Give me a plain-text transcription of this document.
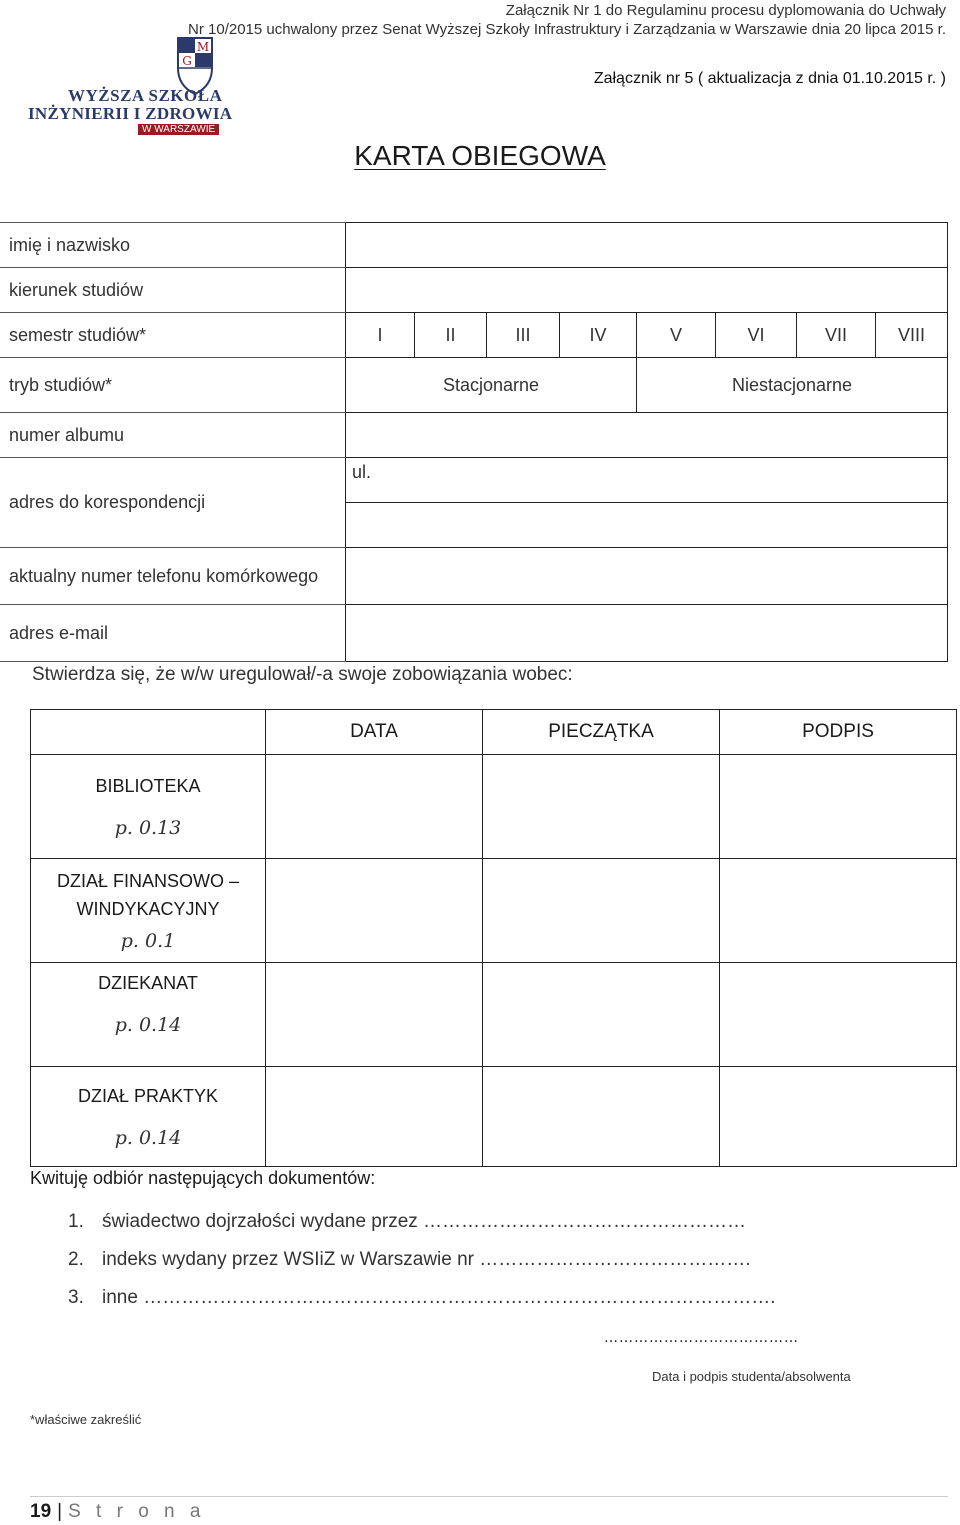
Załącznik Nr 1 do Regulaminu procesu dyplomowania do Uchwały
Nr 10/2015 uchwalony przez Senat Wyższej Szkoły Infrastruktury i Zarządzania w Warszawie dnia 20 lipca 2015 r.
Załącznik nr 5 ( aktualizacja z dnia 01.10.2015 r. )
M
G
WYŻSZA SZKOŁA
INŻYNIERII I ZDROWIA
W WARSZAWIE
KARTA OBIEGOWA
imię i nazwisko								
kierunek studiów								
semestr studiów*	I	II	III	IV	V	VI	VII	VIII
tryb studiów*	Stacjonarne				Niestacjonarne			
numer albumu								
adres do korespondencji	ul.							

aktualny numer telefonu komórkowego								
adres e-mail								
Stwierdza się, że w/w uregulował/-a swoje zobowiązania wobec:
	DATA	PIECZĄTKA	PODPIS

BIBLIOTEKA
p. 0.13			

DZIAŁ FINANSOWO – WINDYKACYJNY
p. 0.1			

DZIEKANAT
p. 0.14			

DZIAŁ PRAKTYK
p. 0.14			

Kwituję odbiór następujących dokumentów:
1. świadectwo dojrzałości wydane przez ……………………………………………
2. indeks wydany przez WSIiZ w Warszawie nr …………………………………….
3. inne ……………………………………………………………………………………….
…………………………………
Data i podpis studenta/absolwenta
*właściwe zakreślić
19 | S t r o n a
